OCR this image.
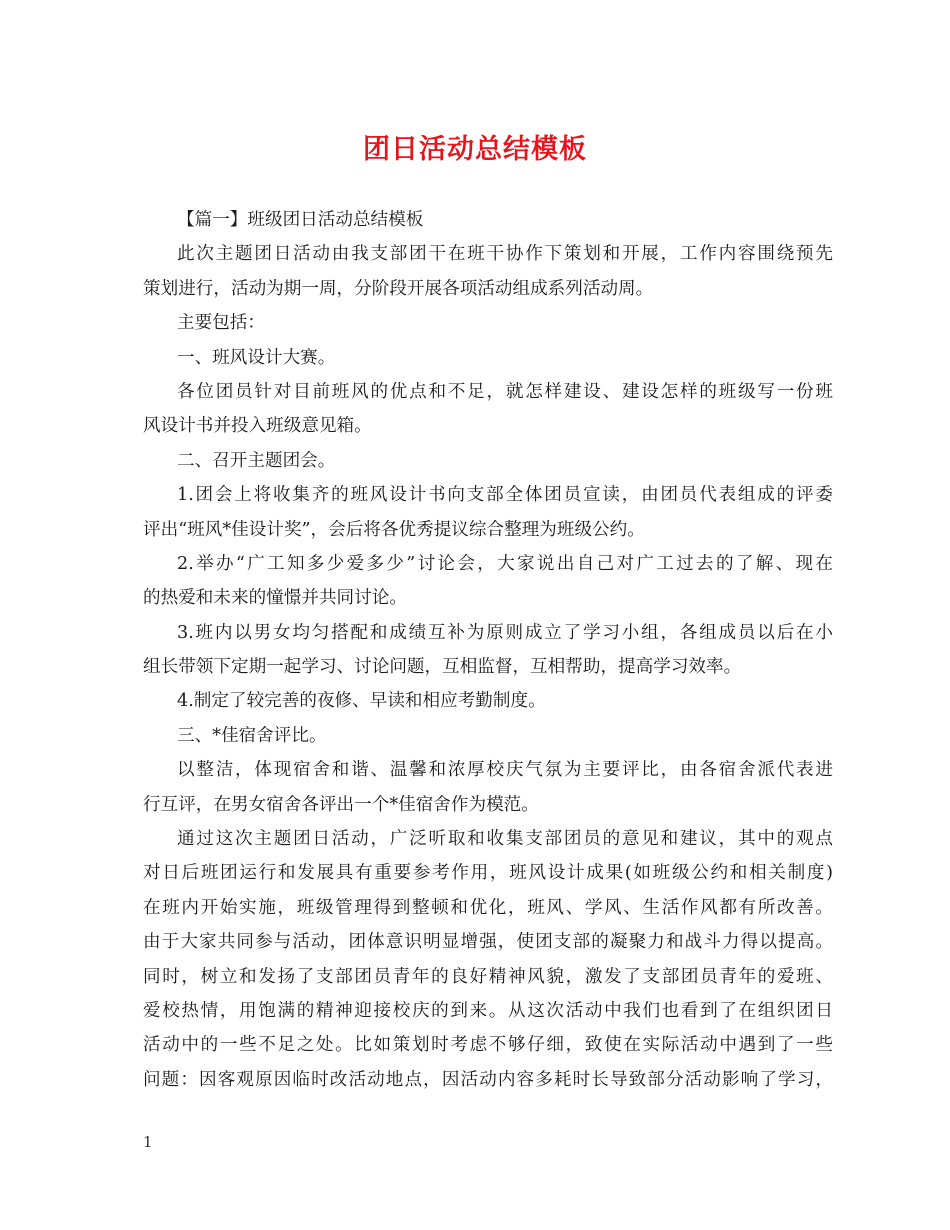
团日活动总结模板
【篇一】班级团日活动总结模板
此次主题团日活动由我支部团干在班干协作下策划和开展，工作内容围绕预先
策划进行，活动为期一周，分阶段开展各项活动组成系列活动周。
主要包括：
一、班风设计大赛。
各位团员针对目前班风的优点和不足，就怎样建设、建设怎样的班级写一份班
风设计书并投入班级意见箱。
二、召开主题团会。
1.团会上将收集齐的班风设计书向支部全体团员宣读，由团员代表组成的评委
评出“班风*佳设计奖”，会后将各优秀提议综合整理为班级公约。
2.举办“广工知多少爱多少”讨论会，大家说出自己对广工过去的了解、现在
的热爱和未来的憧憬并共同讨论。
3.班内以男女均匀搭配和成绩互补为原则成立了学习小组，各组成员以后在小
组长带领下定期一起学习、讨论问题，互相监督，互相帮助，提高学习效率。
4.制定了较完善的夜修、早读和相应考勤制度。
三、*佳宿舍评比。
以整洁，体现宿舍和谐、温馨和浓厚校庆气氛为主要评比，由各宿舍派代表进
行互评，在男女宿舍各评出一个*佳宿舍作为模范。
通过这次主题团日活动，广泛听取和收集支部团员的意见和建议，其中的观点
对日后班团运行和发展具有重要参考作用，班风设计成果(如班级公约和相关制度)
在班内开始实施，班级管理得到整顿和优化，班风、学风、生活作风都有所改善。
由于大家共同参与活动，团体意识明显增强，使团支部的凝聚力和战斗力得以提高。
同时，树立和发扬了支部团员青年的良好精神风貌，激发了支部团员青年的爱班、
爱校热情，用饱满的精神迎接校庆的到来。从这次活动中我们也看到了在组织团日
活动中的一些不足之处。比如策划时考虑不够仔细，致使在实际活动中遇到了一些
问题：因客观原因临时改活动地点，因活动内容多耗时长导致部分活动影响了学习，
1
